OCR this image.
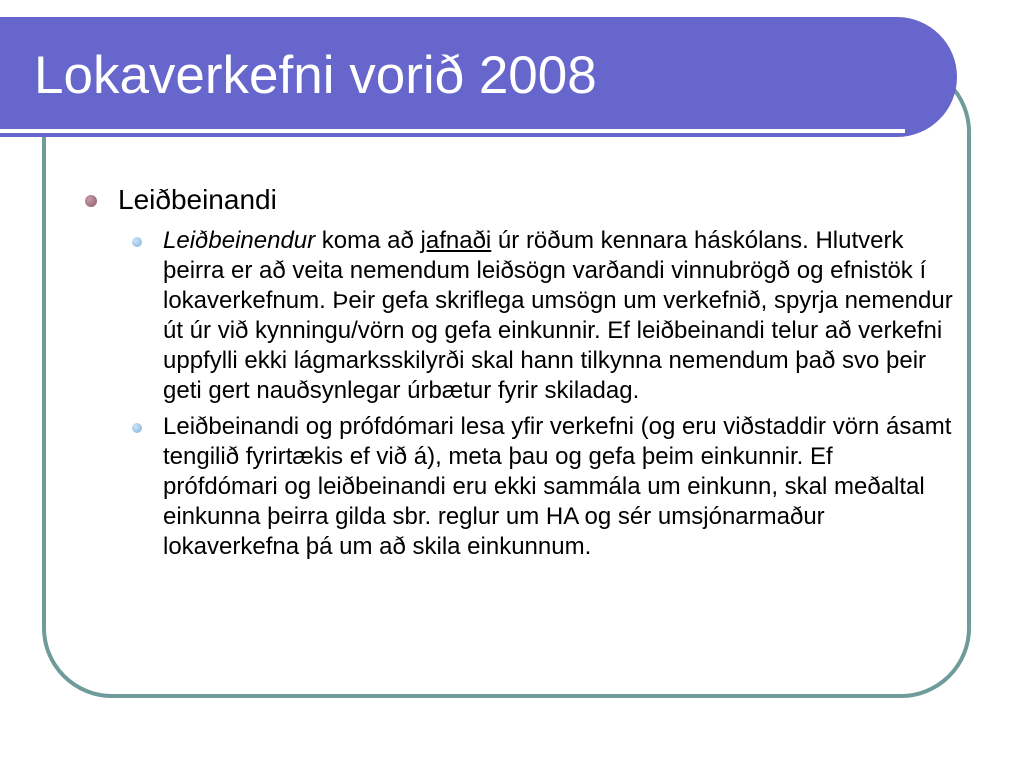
Lokaverkefni vorið 2008
Leiðbeinandi
Leiðbeinendur koma að jafnaði úr röðum kennara háskólans. Hlutverk þeirra er að veita nemendum leiðsögn varðandi vinnubrögð og efnistök í lokaverkefnum. Þeir gefa skriflega umsögn um verkefnið, spyrja nemendur út úr við kynningu/vörn og gefa einkunnir. Ef leiðbeinandi telur að verkefni uppfylli ekki lágmarksskilyrði skal hann tilkynna nemendum það svo þeir geti gert nauðsynlegar úrbætur fyrir skiladag.
Leiðbeinandi og prófdómari lesa yfir verkefni (og eru viðstaddir vörn ásamt tengilið fyrirtækis ef við á), meta þau og gefa þeim einkunnir. Ef prófdómari og leiðbeinandi eru ekki sammála um einkunn, skal meðaltal einkunna þeirra gilda sbr. reglur um HA og sér umsjónarmaður lokaverkefna þá um að skila einkunnum.
